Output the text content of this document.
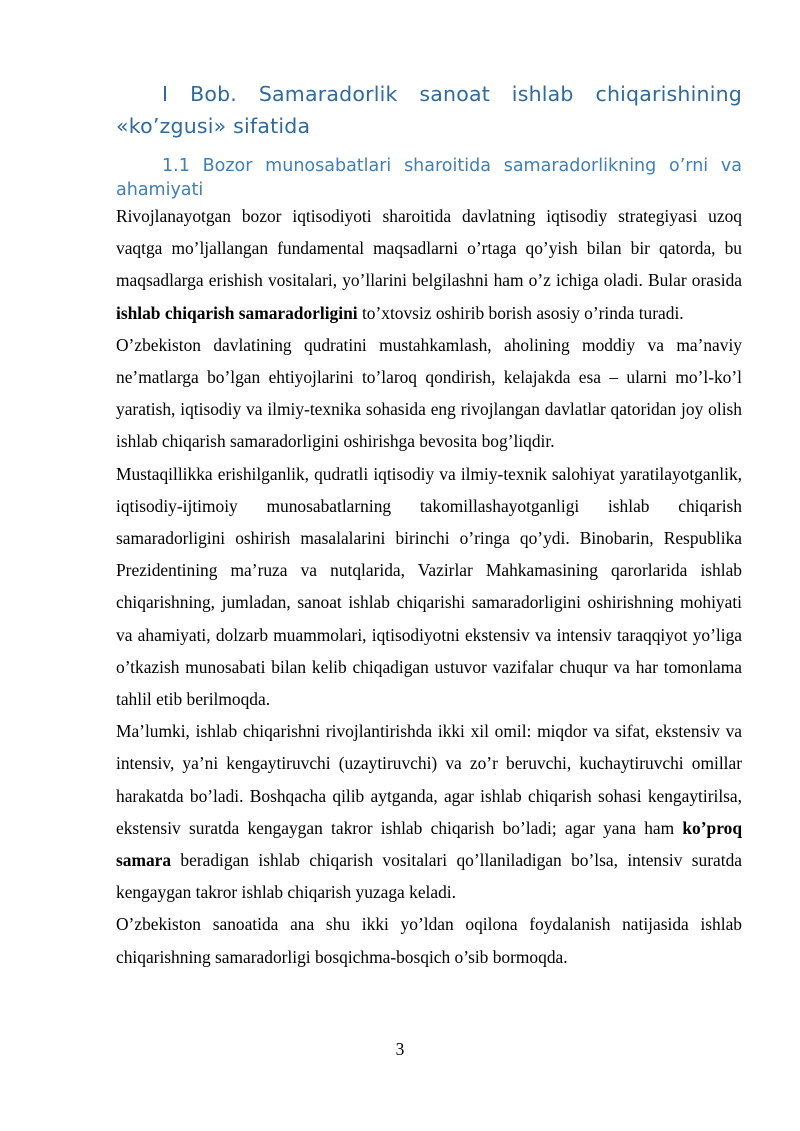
I Bob. Samaradorlik sanoat ishlab chiqarishining «ko’zgusi» sifatida
1.1 Bozor munosabatlari sharoitida samaradorlikning o’rni va ahamiyati

Rivojlanayotgan bozor iqtisodiyoti sharoitida davlatning iqtisodiy strategiyasi uzoq vaqtga mo’ljallangan fundamental maqsadlarni o’rtaga qo’yish bilan bir qatorda, bu maqsadlarga erishish vositalari, yo’llarini belgilashni ham o’z ichiga oladi. Bular orasida ishlab chiqarish samaradorligini to’xtovsiz oshirib borish asosiy o’rinda turadi.

O’zbekiston davlatining qudratini mustahkamlash, aholining moddiy va ma’naviy ne’matlarga bo’lgan ehtiyojlarini to’laroq qondirish, kelajakda esa – ularni mo’l-ko’l yaratish, iqtisodiy va ilmiy-texnika sohasida eng rivojlangan davlatlar qatoridan joy olish ishlab chiqarish samaradorligini oshirishga bevosita bog’liqdir.

Mustaqillikka erishilganlik, qudratli iqtisodiy va ilmiy-texnik salohiyat yaratilayotganlik, iqtisodiy-ijtimoiy munosabatlarning takomillashayotganligi ishlab chiqarish samaradorligini oshirish masalalarini birinchi o’ringa qo’ydi. Binobarin, Respublika Prezidentining ma’ruza va nutqlarida, Vazirlar Mahkamasining qarorlarida ishlab chiqarishning, jumladan, sanoat ishlab chiqarishi samaradorligini oshirishning mohiyati va ahamiyati, dolzarb muammolari, iqtisodiyotni ekstensiv va intensiv taraqqiyot yo’liga o’tkazish munosabati bilan kelib chiqadigan ustuvor vazifalar chuqur va har tomonlama tahlil etib berilmoqda.

Ma’lumki, ishlab chiqarishni rivojlantirishda ikki xil omil: miqdor va sifat, ekstensiv va intensiv, ya’ni kengaytiruvchi (uzaytiruvchi) va zo’r beruvchi, kuchaytiruvchi omillar harakatda bo’ladi. Boshqacha qilib aytganda, agar ishlab chiqarish sohasi kengaytirilsa, ekstensiv suratda kengaygan takror ishlab chiqarish bo’ladi; agar yana ham ko’proq samara beradigan ishlab chiqarish vositalari qo’llaniladigan bo’lsa, intensiv suratda kengaygan takror ishlab chiqarish yuzaga keladi.

O’zbekiston sanoatida ana shu ikki yo’ldan oqilona foydalanish natijasida ishlab chiqarishning samaradorligi bosqichma-bosqich o’sib bormoqda.

3
